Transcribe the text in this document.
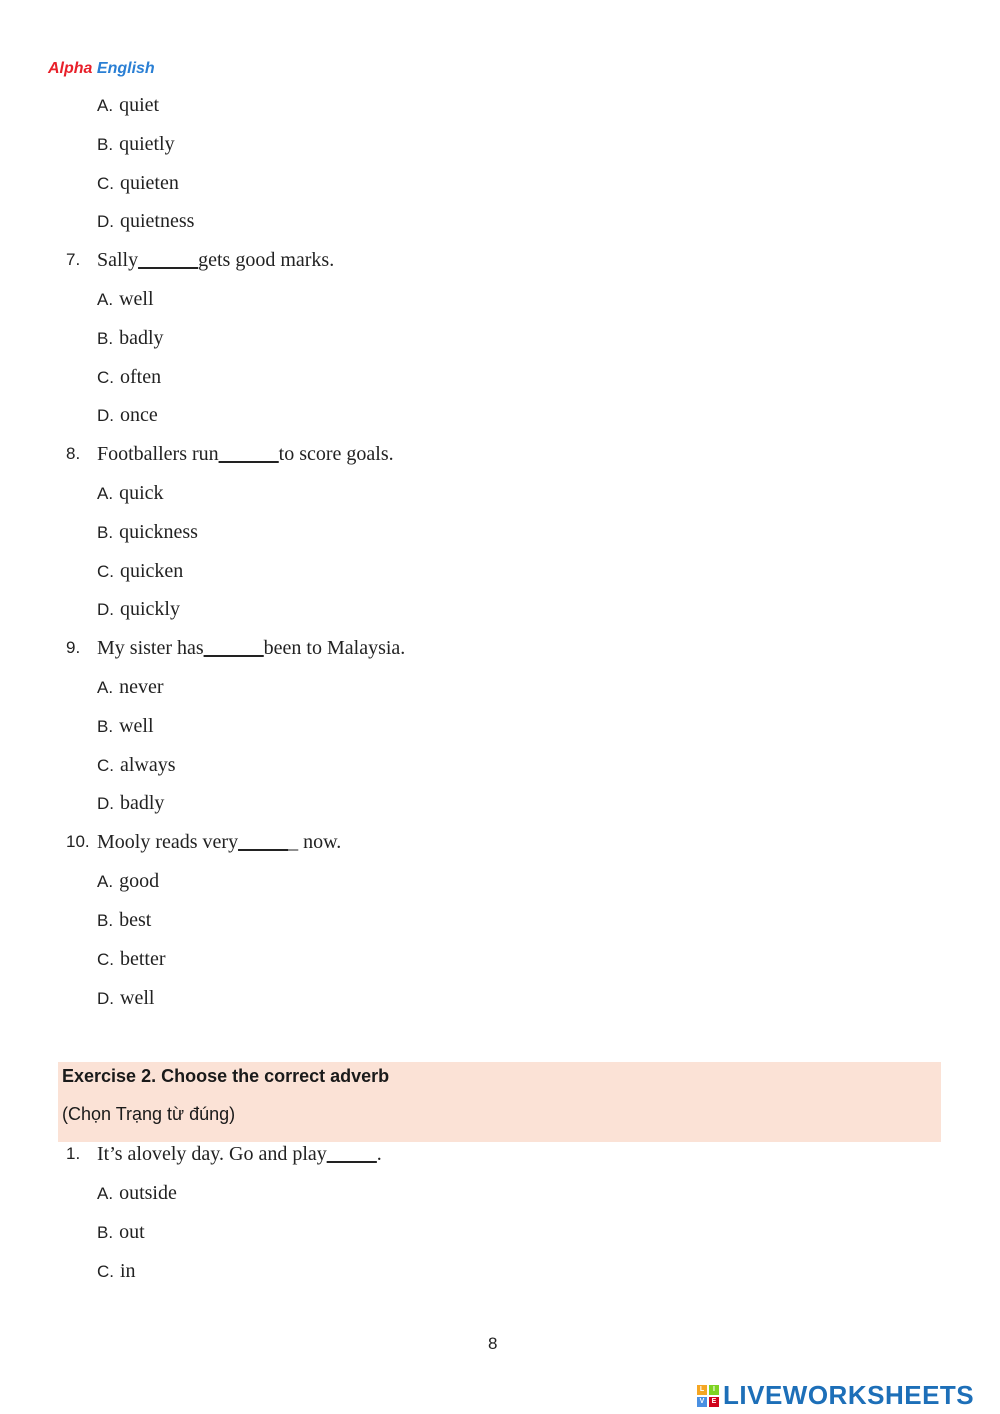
Alpha English
A. quiet
B. quietly
C. quieten
D. quietness
7. Sally______gets good marks.
A. well
B. badly
C. often
D. once
8. Footballers run______to score goals.
A. quick
B. quickness
C. quicken
D. quickly
9. My sister has______been to Malaysia.
A. never
B. well
C. always
D. badly
10. Mooly reads very______ now.
A. good
B. best
C. better
D. well
Exercise 2. Choose the correct adverb
(Chọn Trạng từ đúng)
1. It’s alovely day. Go and play_____.
A. outside
B. out
C. in
8
L	I
V	E LIVEWORKSHEETS
